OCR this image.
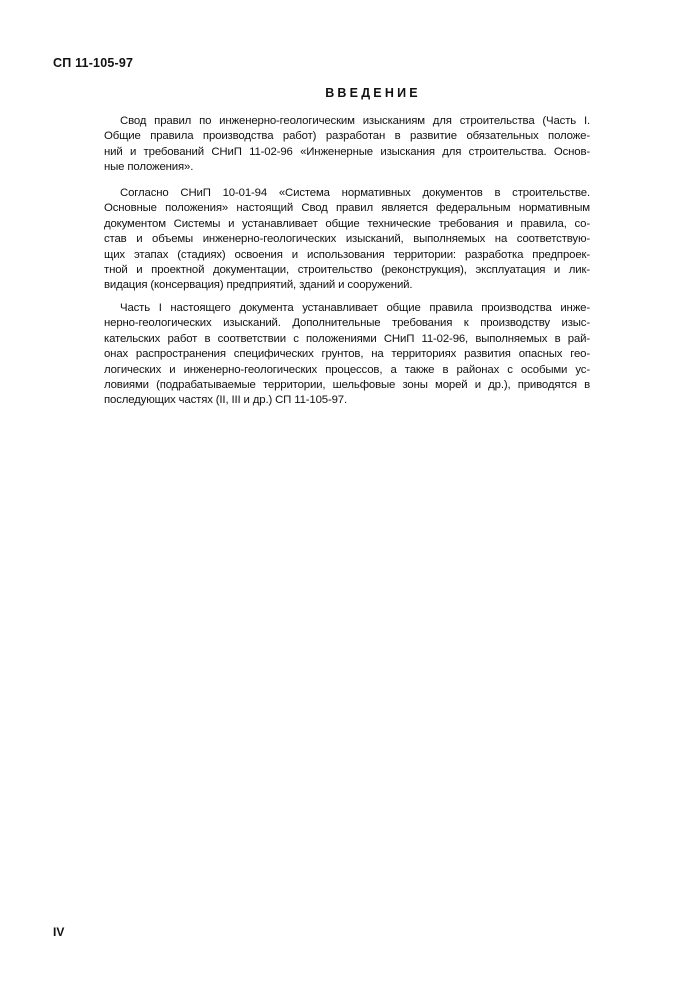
СП 11-105-97
ВВЕДЕНИЕ
Свод правил по инженерно-геологическим изысканиям для строительства (Часть I.
Общие правила производства работ) разработан в развитие обязательных положе-
ний и требований СНиП 11-02-96 «Инженерные изыскания для строительства. Основ-
ные положения».
Согласно СНиП 10-01-94 «Система нормативных документов в строительстве.
Основные положения» настоящий Свод правил является федеральным нормативным
документом Системы и устанавливает общие технические требования и правила, со-
став и объемы инженерно-геологических изысканий, выполняемых на соответствую-
щих этапах (стадиях) освоения и использования территории: разработка предпроек-
тной и проектной документации, строительство (реконструкция), эксплуатация и лик-
видация (консервация) предприятий, зданий и сооружений.
Часть I настоящего документа устанавливает общие правила производства инже-
нерно-геологических изысканий. Дополнительные требования к производству изыс-
кательских работ в соответствии с положениями СНиП 11-02-96, выполняемых в рай-
онах распространения специфических грунтов, на территориях развития опасных гео-
логических и инженерно-геологических процессов, а также в районах с особыми ус-
ловиями (подрабатываемые территории, шельфовые зоны морей и др.), приводятся в
последующих частях (II, III и др.) СП 11-105-97.
IV
